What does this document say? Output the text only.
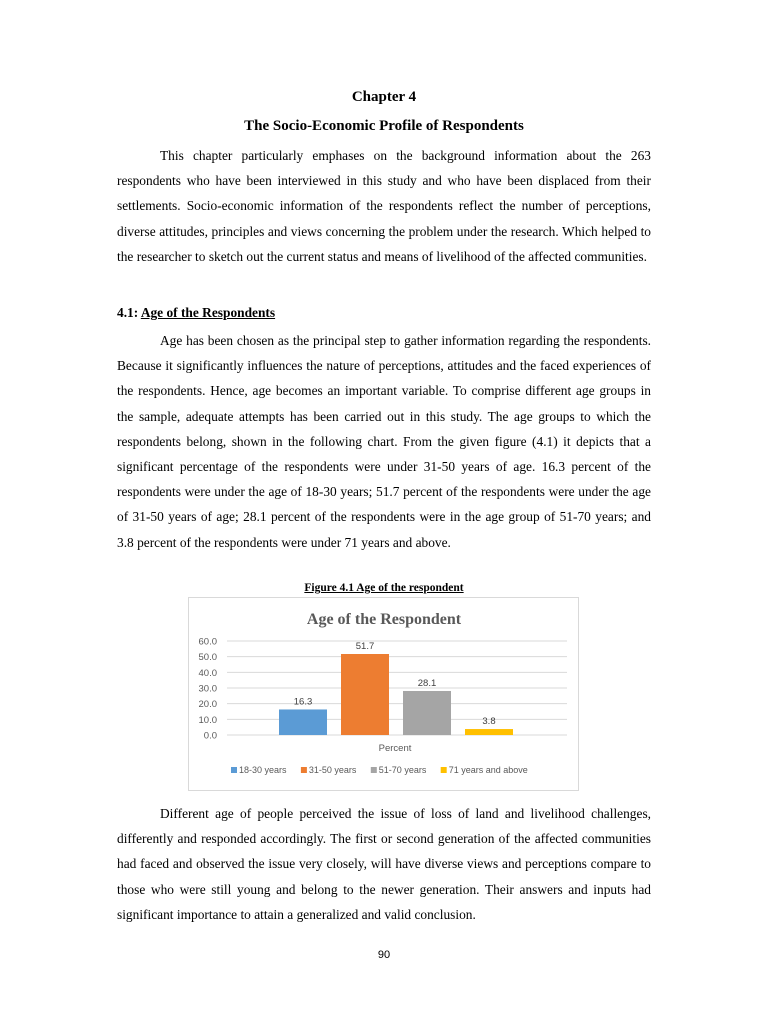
Chapter 4
The Socio-Economic Profile of Respondents

This chapter particularly emphases on the background information about the 263 respondents who have been interviewed in this study and who have been displaced from their settlements. Socio-economic information of the respondents reflect the number of perceptions, diverse attitudes, principles and views concerning the problem under the research. Which helped to the researcher to sketch out the current status and means of livelihood of the affected communities.

4.1: Age of the Respondents

Age has been chosen as the principal step to gather information regarding the respondents. Because it significantly influences the nature of perceptions, attitudes and the faced experiences of the respondents. Hence, age becomes an important variable. To comprise different age groups in the sample, adequate attempts has been carried out in this study. The age groups to which the respondents belong, shown in the following chart. From the given figure (4.1) it depicts that a significant percentage of the respondents were under 31-50 years of age. 16.3 percent of the respondents were under the age of 18-30 years; 51.7 percent of the respondents were under the age of 31-50 years of age; 28.1 percent of the respondents were in the age group of 51-70 years; and 3.8 percent of the respondents were under 71 years and above.

Figure 4.1 Age of the respondent
Age of the Respondent
0.0
10.0
20.0
30.0
40.0
50.0
60.0
16.3
51.7
28.1
3.8
Percent
18-30 years 31-50 years 51-70 years 71 years and above

Different age of people perceived the issue of loss of land and livelihood challenges, differently and responded accordingly. The first or second generation of the affected communities had faced and observed the issue very closely, will have diverse views and perceptions compare to those who were still young and belong to the newer generation. Their answers and inputs had significant importance to attain a generalized and valid conclusion.

90
